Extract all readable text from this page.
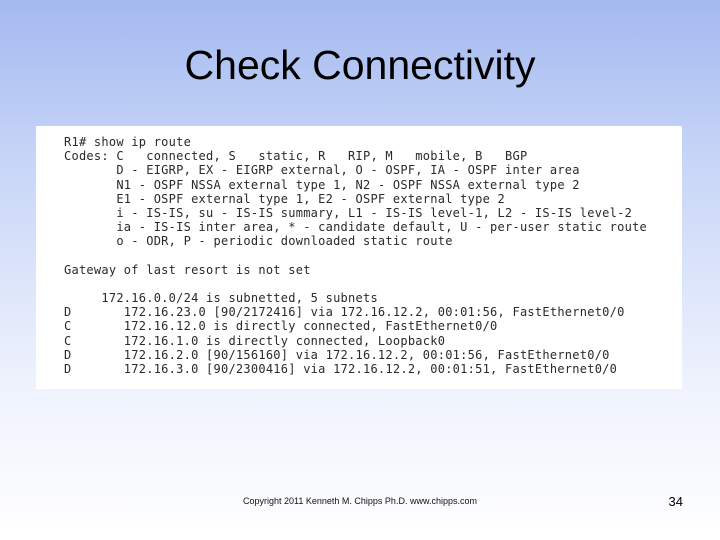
Check Connectivity
R1# show ip route
Codes: C   connected, S   static, R   RIP, M   mobile, B   BGP
D - EIGRP, EX - EIGRP external, O - OSPF, IA - OSPF inter area
N1 - OSPF NSSA external type 1, N2 - OSPF NSSA external type 2
E1 - OSPF external type 1, E2 - OSPF external type 2
i - IS-IS, su - IS-IS summary, L1 - IS-IS level-1, L2 - IS-IS level-2
ia - IS-IS inter area, * - candidate default, U - per-user static route
o - ODR, P - periodic downloaded static route
Gateway of last resort is not set
172.16.0.0/24 is subnetted, 5 subnets
D       172.16.23.0 [90/2172416] via 172.16.12.2, 00:01:56, FastEthernet0/0
C       172.16.12.0 is directly connected, FastEthernet0/0
C       172.16.1.0 is directly connected, Loopback0
D       172.16.2.0 [90/156160] via 172.16.12.2, 00:01:56, FastEthernet0/0
D       172.16.3.0 [90/2300416] via 172.16.12.2, 00:01:51, FastEthernet0/0
Copyright 2011 Kenneth M. Chipps Ph.D. www.chipps.com	34
